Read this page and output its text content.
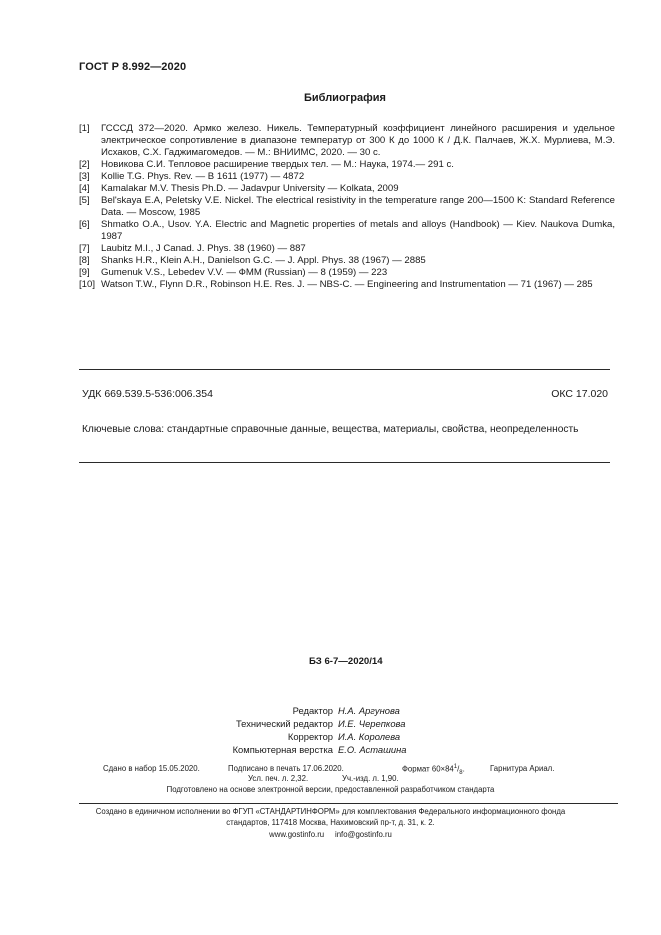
ГОСТ Р 8.992—2020
Библиография
[1]	ГСССД 372—2020. Армко железо. Никель. Температурный коэффициент линейного расширения и удельное электрическое сопротивление в диапазоне температур от 300 К до 1000 К / Д.К. Палчаев, Ж.Х. Мурлиева, М.Э. Исхаков, С.Х. Гаджимагомедов. — М.: ВНИИМС, 2020. — 30 с.
[2]	Новикова С.И. Тепловое расширение твердых тел. — М.: Наука, 1974.— 291 с.
[3]	Kollie T.G. Phys. Rev. — B 1611 (1977) — 4872
[4]	Kamalakar M.V. Thesis Ph.D. — Jadavpur University — Kolkata, 2009
[5]	Bel'skaya E.A, Peletsky V.E. Nickel. The electrical resistivity in the temperature range 200—1500 K: Standard Reference Data. — Moscow, 1985
[6]	Shmatko O.A., Usov. Y.A. Electric and Magnetic properties of metals and alloys (Handbook) — Kiev. Naukova Dumka, 1987
[7]	Laubitz M.I., J Canad. J. Phys. 38 (1960) — 887
[8]	Shanks H.R., Klein A.H., Danielson G.C. — J. Appl. Phys. 38 (1967) — 2885
[9]	Gumenuk V.S., Lebedev V.V. — ФММ (Russian) — 8 (1959) — 223
[10] Watson T.W., Flynn D.R., Robinson H.E. Res. J. — NBS-C. — Engineering and Instrumentation — 71 (1967) — 285
УДК 669.539.5-536:006.354	ОКС 17.020
Ключевые слова: стандартные справочные данные, вещества, материалы, свойства, неопределенность
БЗ 6-7—2020/14
Редактор Н.А. Аргунова
Технический редактор И.Е. Черепкова
Корректор И.А. Королева
Компьютерная верстка Е.О. Асташина
Сдано в набор 15.05.2020.	Подписано в печать 17.06.2020.	Формат $60\times 84^1/_8$.	Гарнитура Ариал.
Усл. печ. л. 2,32.	Уч.-изд. л. 1,90.
Подготовлено на основе электронной версии, предоставленной разработчиком стандарта
Создано в единичном исполнении во ФГУП «СТАНДАРТИНФОРМ» для комплектования Федерального информационного фонда
стандартов, 117418 Москва, Нахимовский пр-т, д. 31, к. 2.
www.gostinfo.ru info@gostinfo.ru
